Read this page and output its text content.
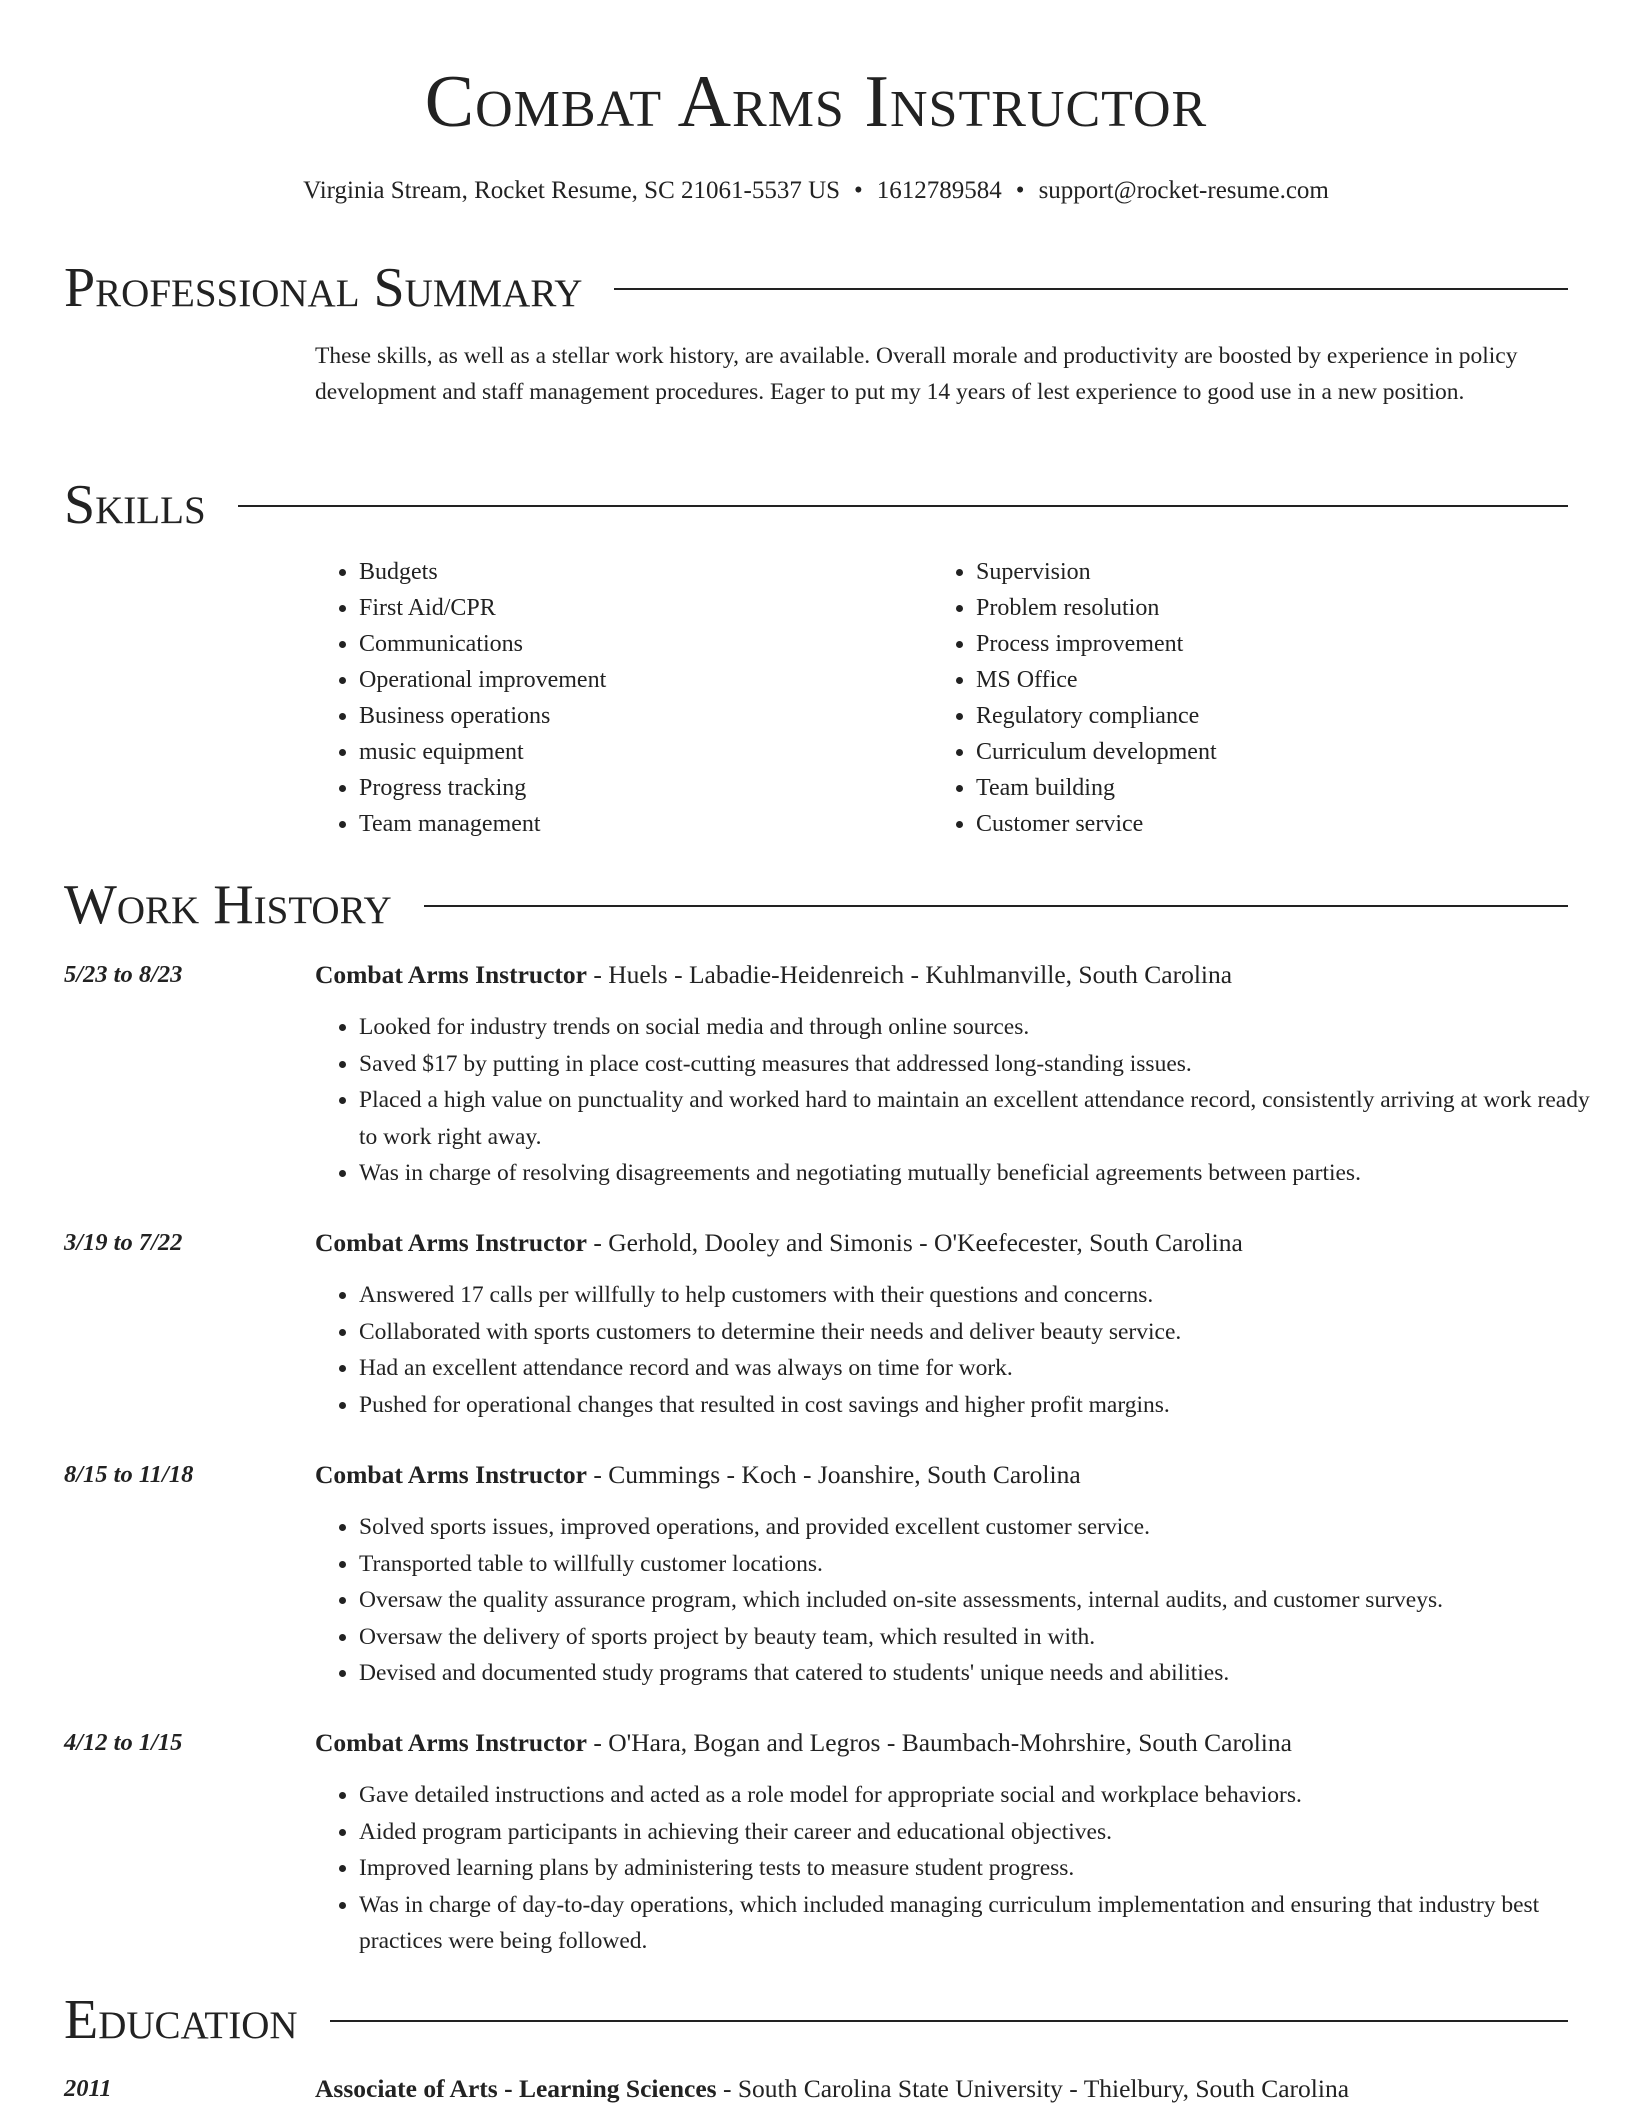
Combat Arms Instructor
Virginia Stream, Rocket Resume, SC 21061-5537 US • 1612789584 • support@rocket-resume.com
Professional Summary
These skills, as well as a stellar work history, are available. Overall morale and productivity are boosted by experience in policy development and staff management procedures. Eager to put my 14 years of lest experience to good use in a new position.
Skills
• Budgets
• First Aid/CPR
• Communications
• Operational improvement
• Business operations
• music equipment
• Progress tracking
• Team management
• Supervision
• Problem resolution
• Process improvement
• MS Office
• Regulatory compliance
• Curriculum development
• Team building
• Customer service
Work History
5/23 to 8/23	Combat Arms Instructor - Huels - Labadie-Heidenreich - Kuhlmanville, South Carolina
• Looked for industry trends on social media and through online sources.
• Saved $17 by putting in place cost-cutting measures that addressed long-standing issues.
• Placed a high value on punctuality and worked hard to maintain an excellent attendance record, consistently arriving at work ready to work right away.
• Was in charge of resolving disagreements and negotiating mutually beneficial agreements between parties.
3/19 to 7/22	Combat Arms Instructor - Gerhold, Dooley and Simonis - O'Keefecester, South Carolina
• Answered 17 calls per willfully to help customers with their questions and concerns.
• Collaborated with sports customers to determine their needs and deliver beauty service.
• Had an excellent attendance record and was always on time for work.
• Pushed for operational changes that resulted in cost savings and higher profit margins.
8/15 to 11/18	Combat Arms Instructor - Cummings - Koch - Joanshire, South Carolina
• Solved sports issues, improved operations, and provided excellent customer service.
• Transported table to willfully customer locations.
• Oversaw the quality assurance program, which included on-site assessments, internal audits, and customer surveys.
• Oversaw the delivery of sports project by beauty team, which resulted in with.
• Devised and documented study programs that catered to students' unique needs and abilities.
4/12 to 1/15	Combat Arms Instructor - O'Hara, Bogan and Legros - Baumbach-Mohrshire, South Carolina
• Gave detailed instructions and acted as a role model for appropriate social and workplace behaviors.
• Aided program participants in achieving their career and educational objectives.
• Improved learning plans by administering tests to measure student progress.
• Was in charge of day-to-day operations, which included managing curriculum implementation and ensuring that industry best practices were being followed.
Education
2011	Associate of Arts - Learning Sciences - South Carolina State University - Thielbury, South Carolina
